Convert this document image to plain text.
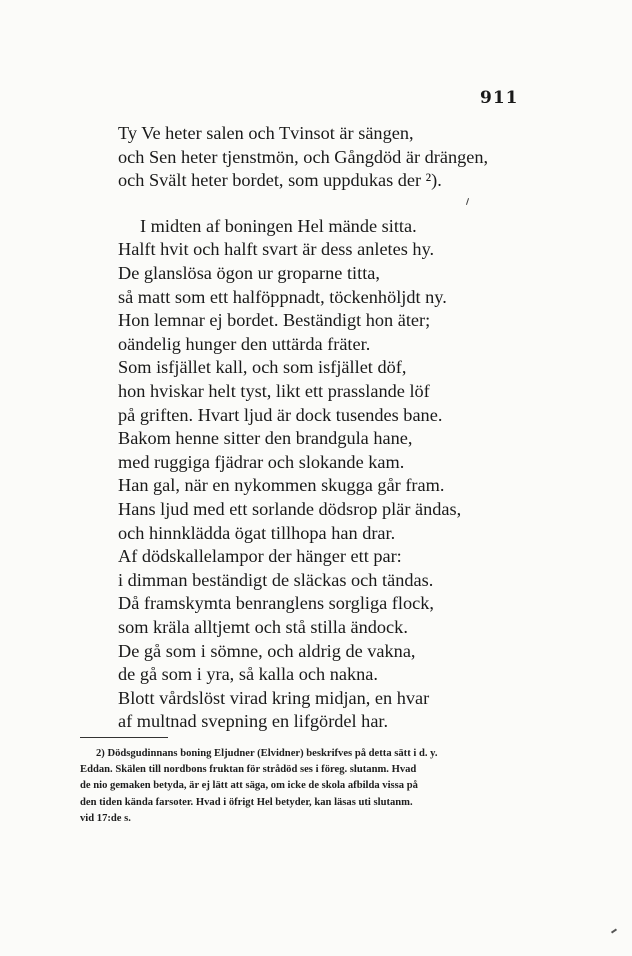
911
Ty Ve heter salen och Tvinsot är sängen,
och Sen heter tjenstmön, och Gångdöd är drängen,
och Svält heter bordet, som uppdukas der ²).
I midten af boningen Hel mände sitta.
Halft hvit och halft svart är dess anletes hy.
De glanslösa ögon ur groparne titta,
så matt som ett halföppnadt, töckenhöljdt ny.
Hon lemnar ej bordet. Beständigt hon äter;
oändelig hunger den uttärda fräter.
Som isfjället kall, och som isfjället döf,
hon hviskar helt tyst, likt ett prasslande löf
på griften. Hvart ljud är dock tusendes bane.
Bakom henne sitter den brandgula hane,
med ruggiga fjädrar och slokande kam.
Han gal, när en nykommen skugga går fram.
Hans ljud med ett sorlande dödsrop plär ändas,
och hinnklädda ögat tillhopa han drar.
Af dödskallelampor der hänger ett par:
i dimman beständigt de släckas och tändas.
Då framskymta benranglens sorgliga flock,
som kräla alltjemt och stå stilla ändock.
De gå som i sömne, och aldrig de vakna,
de gå som i yra, så kalla och nakna.
Blott vårdslöst virad kring midjan, en hvar
af multnad svepning en lifgördel har.
2) Dödsgudinnans boning Eljudner (Elvidner) beskrifves på detta sätt i d. y.
Eddan. Skälen till nordbons fruktan för strådöd ses i föreg. slutanm. Hvad
de nio gemaken betyda, är ej lätt att säga, om icke de skola afbilda vissa på
den tiden kända farsoter. Hvad i öfrigt Hel betyder, kan läsas uti slutanm.
vid 17:de s.
